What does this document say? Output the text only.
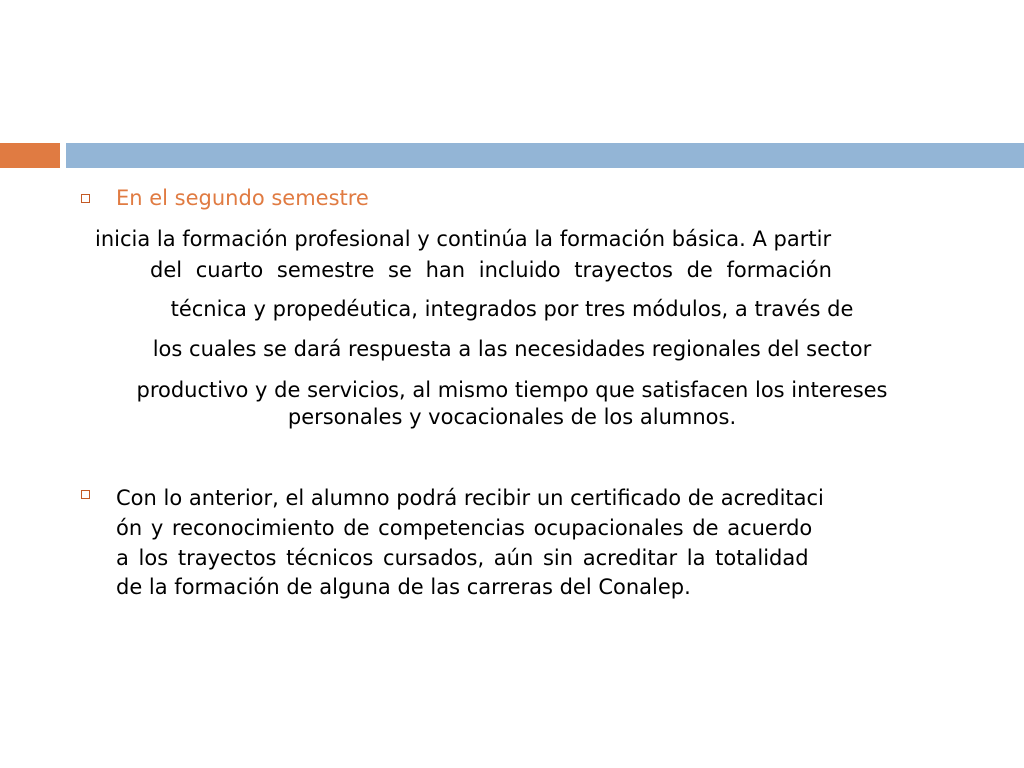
En el segundo semestre

inicia la formación profesional y continúa la formación básica. A partir

del cuarto semestre se han incluido trayectos de formación

técnica y propedéutica, integrados por tres módulos, a través de

los cuales se dará respuesta a las necesidades regionales del sector

productivo y de servicios, al mismo tiempo que satisfacen los intereses

personales y vocacionales de los alumnos.

Con lo anterior, el alumno podrá recibir un certificado de acreditaci

ón y reconocimiento de competencias ocupacionales de acuerdo

a los trayectos técnicos cursados, aún sin acreditar la totalidad

de la formación de alguna de las carreras del Conalep.
